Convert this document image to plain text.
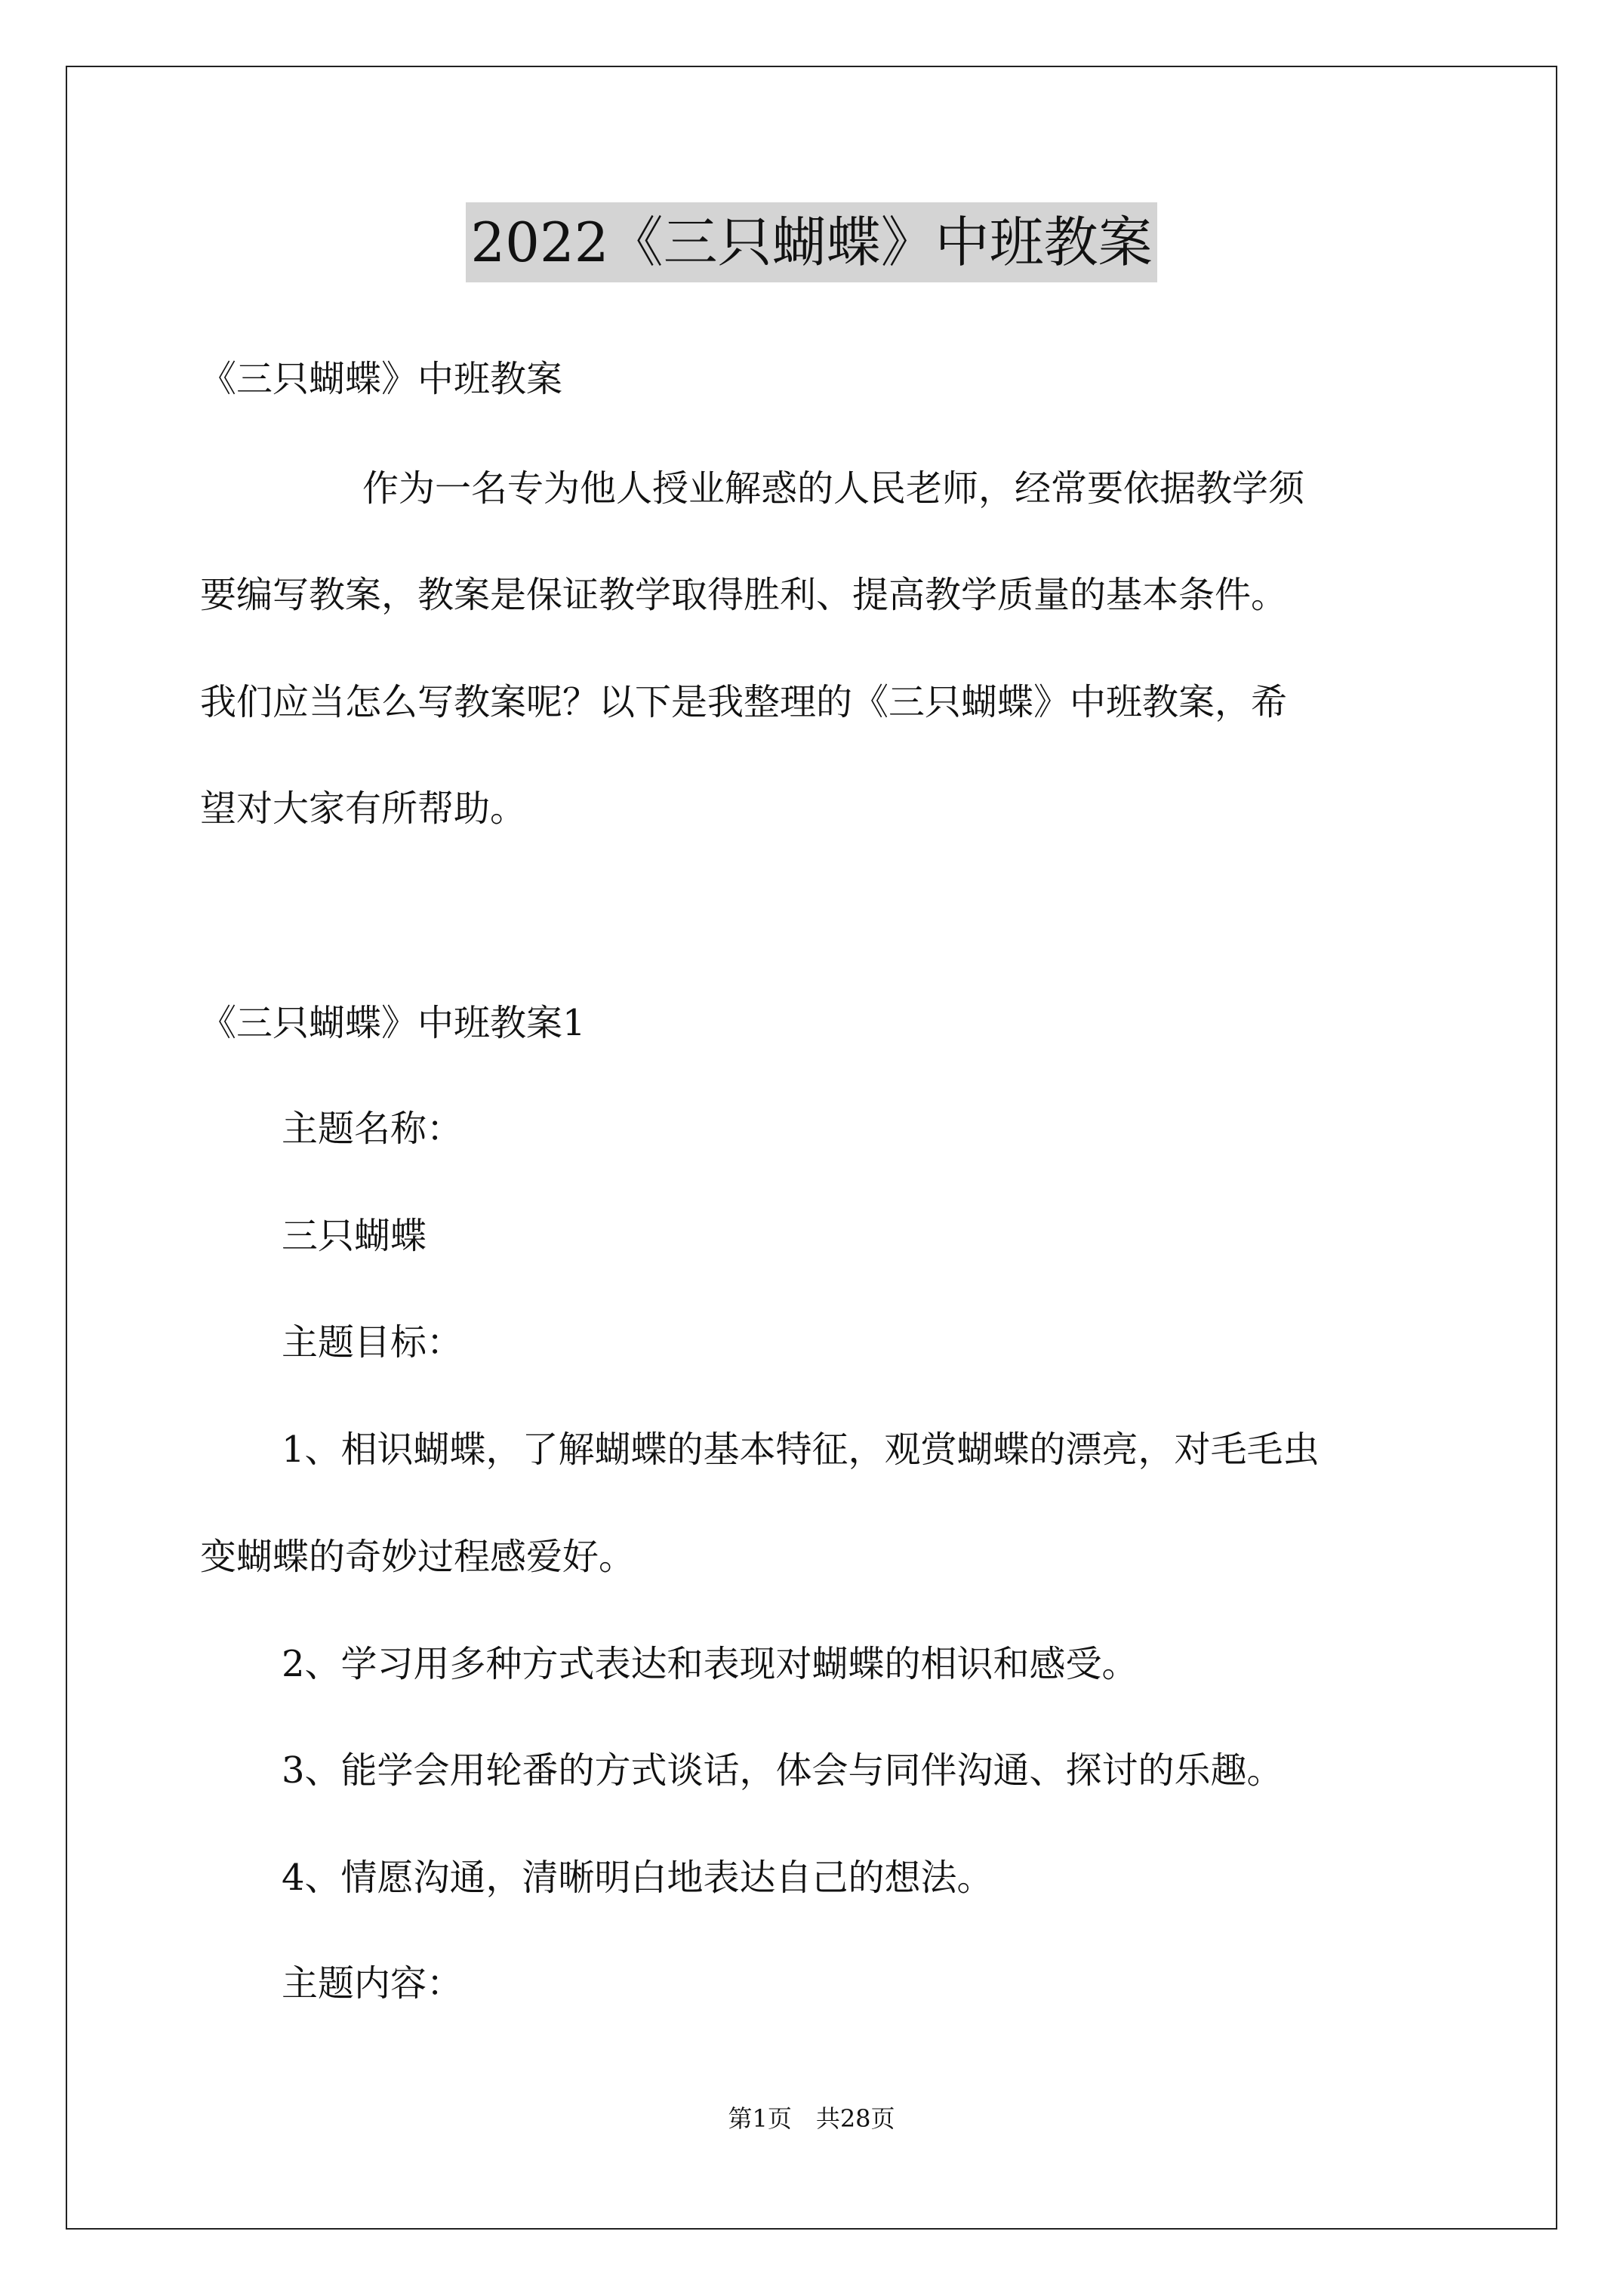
2022《三只蝴蝶》中班教案
《三只蝴蝶》中班教案
作为一名专为他人授业解惑的人民老师，经常要依据教学须
要编写教案，教案是保证教学取得胜利、提高教学质量的基本条件。
我们应当怎么写教案呢？以下是我整理的《三只蝴蝶》中班教案，希
望对大家有所帮助。
《三只蝴蝶》中班教案1
主题名称：
三只蝴蝶
主题目标：
1、相识蝴蝶，了解蝴蝶的基本特征，观赏蝴蝶的漂亮，对毛毛虫
变蝴蝶的奇妙过程感爱好。
2、学习用多种方式表达和表现对蝴蝶的相识和感受。
3、能学会用轮番的方式谈话，体会与同伴沟通、探讨的乐趣。
4、情愿沟通，清晰明白地表达自己的想法。
主题内容：
第1页　共28页
